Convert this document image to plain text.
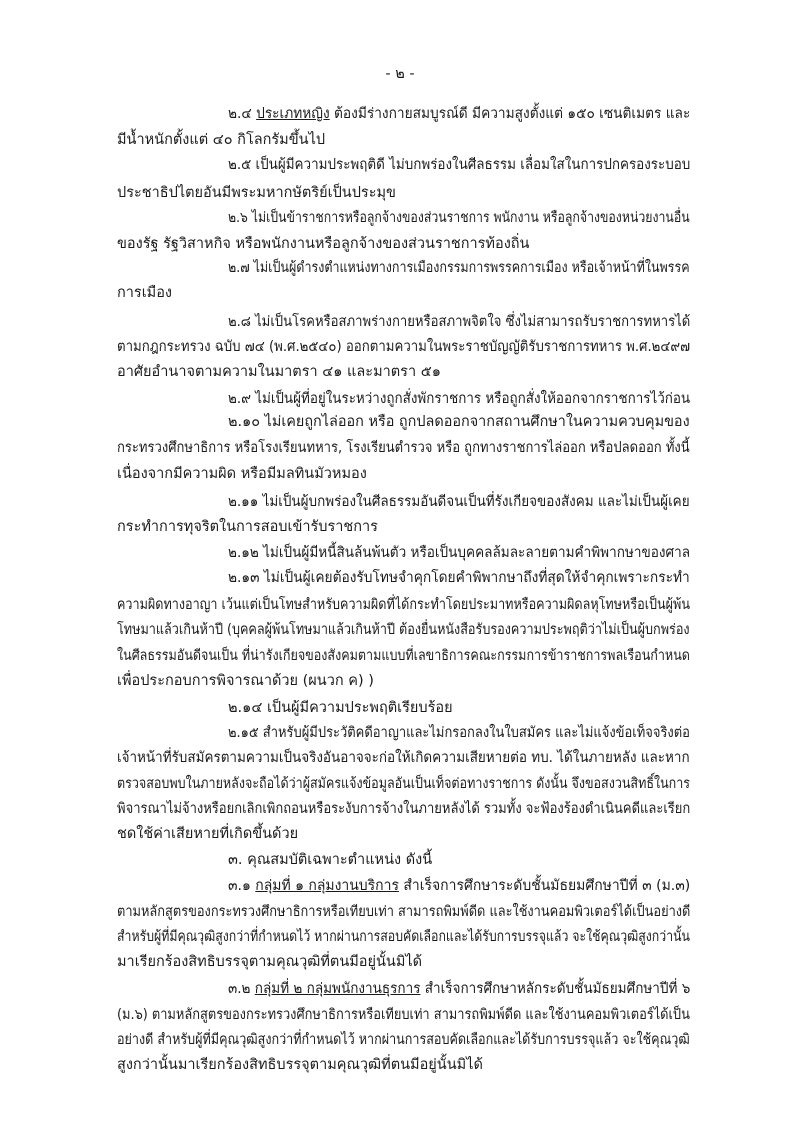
- ๒ -
๒.๔ ประเภทหญิง ต้องมีร่างกายสมบูรณ์ดี มีความสูงตั้งแต่ ๑๕๐ เซนติเมตร และ
มีน้ำหนักตั้งแต่ ๔๐ กิโลกรัมขึ้นไป
๒.๕ เป็นผู้มีความประพฤติดี ไม่บกพร่องในศีลธรรม เลื่อมใสในการปกครองระบอบ
ประชาธิปไตยอันมีพระมหากษัตริย์เป็นประมุข
๒.๖ ไม่เป็นข้าราชการหรือลูกจ้างของส่วนราชการ พนักงาน หรือลูกจ้างของหน่วยงานอื่น
ของรัฐ รัฐวิสาหกิจ หรือพนักงานหรือลูกจ้างของส่วนราชการท้องถิ่น
๒.๗ ไม่เป็นผู้ดำรงตำแหน่งทางการเมืองกรรมการพรรคการเมือง หรือเจ้าหน้าที่ในพรรค
การเมือง
๒.๘ ไม่เป็นโรคหรือสภาพร่างกายหรือสภาพจิตใจ ซึ่งไม่สามารถรับราชการทหารได้
ตามกฎกระทรวง ฉบับ ๗๔ (พ.ศ.๒๕๔๐) ออกตามความในพระราชบัญญัติรับราชการทหาร พ.ศ.๒๔๙๗
อาศัยอำนาจตามความในมาตรา ๔๑ และมาตรา ๕๑
๒.๙ ไม่เป็นผู้ที่อยู่ในระหว่างถูกสั่งพักราชการ หรือถูกสั่งให้ออกจากราชการไว้ก่อน
๒.๑๐ ไม่เคยถูกไล่ออก หรือ ถูกปลดออกจากสถานศึกษาในความควบคุมของ
กระทรวงศึกษาธิการ หรือโรงเรียนทหาร, โรงเรียนตำรวจ หรือ ถูกทางราชการไล่ออก หรือปลดออก ทั้งนี้
เนื่องจากมีความผิด หรือมีมลทินมัวหมอง
๒.๑๑ ไม่เป็นผู้บกพร่องในศีลธรรมอันดีจนเป็นที่รังเกียจของสังคม และไม่เป็นผู้เคย
กระทำการทุจริตในการสอบเข้ารับราชการ
๒.๑๒ ไม่เป็นผู้มีหนี้สินล้นพ้นตัว หรือเป็นบุคคลล้มละลายตามคำพิพากษาของศาล
๒.๑๓ ไม่เป็นผู้เคยต้องรับโทษจำคุกโดยคำพิพากษาถึงที่สุดให้จำคุกเพราะกระทำ
ความผิดทางอาญา เว้นแต่เป็นโทษสำหรับความผิดที่ได้กระทำโดยประมาทหรือความผิดลหุโทษหรือเป็นผู้พ้น
โทษมาแล้วเกินห้าปี (บุคคลผู้พ้นโทษมาแล้วเกินห้าปี ต้องยื่นหนังสือรับรองความประพฤติว่าไม่เป็นผู้บกพร่อง
ในศีลธรรมอันดีจนเป็น ที่น่ารังเกียจของสังคมตามแบบที่เลขาธิการคณะกรรมการข้าราชการพลเรือนกำหนด
เพื่อประกอบการพิจารณาด้วย (ผนวก ค) )
๒.๑๔ เป็นผู้มีความประพฤติเรียบร้อย
๒.๑๕ สำหรับผู้มีประวัติคดีอาญาและไม่กรอกลงในใบสมัคร และไม่แจ้งข้อเท็จจริงต่อ
เจ้าหน้าที่รับสมัครตามความเป็นจริงอันอาจจะก่อให้เกิดความเสียหายต่อ ทบ. ได้ในภายหลัง และหาก
ตรวจสอบพบในภายหลังจะถือได้ว่าผู้สมัครแจ้งข้อมูลอันเป็นเท็จต่อทางราชการ ดังนั้น จึงขอสงวนสิทธิ์ในการ
พิจารณาไม่จ้างหรือยกเลิกเพิกถอนหรือระงับการจ้างในภายหลังได้ รวมทั้ง จะฟ้องร้องดำเนินคดีและเรียก
ชดใช้ค่าเสียหายที่เกิดขึ้นด้วย
๓. คุณสมบัติเฉพาะตำแหน่ง ดังนี้
๓.๑ กลุ่มที่ ๑ กลุ่มงานบริการ สำเร็จการศึกษาระดับชั้นมัธยมศึกษาปีที่ ๓ (ม.๓)
ตามหลักสูตรของกระทรวงศึกษาธิการหรือเทียบเท่า สามารถพิมพ์ดีด และใช้งานคอมพิวเตอร์ได้เป็นอย่างดี
สำหรับผู้ที่มีคุณวุฒิสูงกว่าที่กำหนดไว้ หากผ่านการสอบคัดเลือกและได้รับการบรรจุแล้ว จะใช้คุณวุฒิสูงกว่านั้น
มาเรียกร้องสิทธิบรรจุตามคุณวุฒิที่ตนมีอยู่นั้นมิได้
๓.๒ กลุ่มที่ ๒ กลุ่มพนักงานธุรการ สำเร็จการศึกษาหลักระดับชั้นมัธยมศึกษาปีที่ ๖
(ม.๖) ตามหลักสูตรของกระทรวงศึกษาธิการหรือเทียบเท่า สามารถพิมพ์ดีด และใช้งานคอมพิวเตอร์ได้เป็น
อย่างดี สำหรับผู้ที่มีคุณวุฒิสูงกว่าที่กำหนดไว้ หากผ่านการสอบคัดเลือกและได้รับการบรรจุแล้ว จะใช้คุณวุฒิ
สูงกว่านั้นมาเรียกร้องสิทธิบรรจุตามคุณวุฒิที่ตนมีอยู่นั้นมิได้
